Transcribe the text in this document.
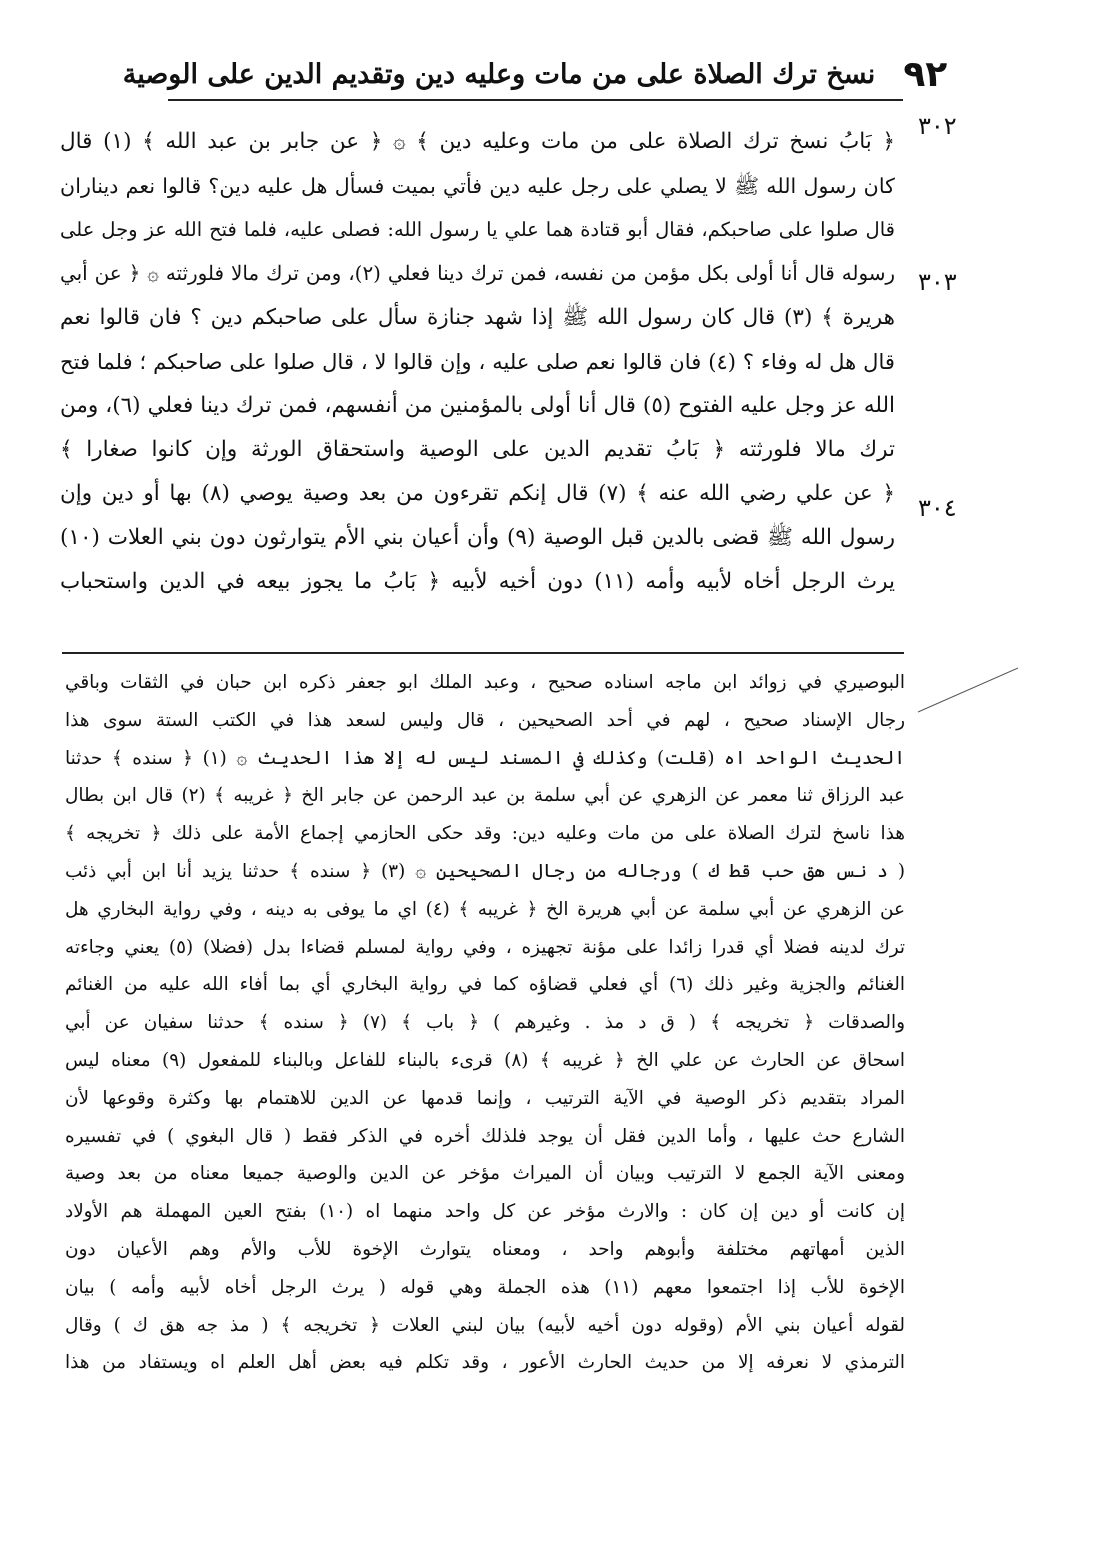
٩٢
نسخ ترك الصلاة على من مات وعليه دين وتقديم الدين على الوصية
٣٠٢
٣٠٣
٣٠٤
﴿ بَابُ نسخ ترك الصلاة على من مات وعليه دين ﴾ ۞ ﴿ عن جابر بن عبد الله ﴾ (١) قال
كان رسول الله ﷺ لا يصلي على رجل عليه دين فأتي بميت فسأل هل عليه دين؟ قالوا نعم ديناران
قال صلوا على صاحبكم، فقال أبو قتادة هما علي يا رسول الله: فصلى عليه، فلما فتح الله عز وجل على
رسوله قال أنا أولى بكل مؤمن من نفسه، فمن ترك دينا فعلي (٢)، ومن ترك مالا فلورثته ۞ ﴿ عن أبي
هريرة ﴾ (٣) قال كان رسول الله ﷺ إذا شهد جنازة سأل على صاحبكم دين ؟ فان قالوا نعم
قال هل له وفاء ؟ (٤) فان قالوا نعم صلى عليه ، وإن قالوا لا ، قال صلوا على صاحبكم ؛ فلما فتح
الله عز وجل عليه الفتوح (٥) قال أنا أولى بالمؤمنين من أنفسهم، فمن ترك دينا فعلي (٦)، ومن
ترك مالا فلورثته ﴿ بَابُ تقديم الدين على الوصية واستحقاق الورثة وإن كانوا صغارا ﴾
﴿ عن علي رضي الله عنه ﴾ (٧) قال إنكم تقرءون من بعد وصية يوصي (٨) بها أو دين وإن
رسول الله ﷺ قضى بالدين قبل الوصية (٩) وأن أعيان بني الأم يتوارثون دون بني العلات (١٠)
يرث الرجل أخاه لأبيه وأمه (١١) دون أخيه لأبيه ﴿ بَابُ ما يجوز بيعه في الدين واستحباب
البوصيري في زوائد ابن ماجه اسناده صحيح ، وعبد الملك ابو جعفر ذكره ابن حبان في الثقات وباقي
رجال الإسناد صحيح ، لهم في أحد الصحيحين ، قال وليس لسعد هذا في الكتب الستة سوى هذا
الحديث الواحد اه (قلت) وكذلك في المسند ليس له إلا هذا الحديث ۞ (١) ﴿ سنده ﴾ حدثنا
عبد الرزاق ثنا معمر عن الزهري عن أبي سلمة بن عبد الرحمن عن جابر الخ ﴿ غريبه ﴾ (٢) قال ابن بطال
هذا ناسخ لترك الصلاة على من مات وعليه دين: وقد حكى الحازمي إجماع الأمة على ذلك ﴿ تخريجه ﴾
( د نس هق حب قط ك ) ورجاله من رجال الصحيحين ۞ (٣) ﴿ سنده ﴾ حدثنا يزيد أنا ابن أبي ذئب
عن الزهري عن أبي سلمة عن أبي هريرة الخ ﴿ غريبه ﴾ (٤) اي ما يوفى به دينه ، وفي رواية البخاري هل
ترك لدينه فضلا أي قدرا زائدا على مؤنة تجهيزه ، وفي رواية لمسلم قضاءا بدل (فضلا) (٥) يعني وجاءته
الغنائم والجزية وغير ذلك (٦) أي فعلي قضاؤه كما في رواية البخاري أي بما أفاء الله عليه من الغنائم
والصدقات ﴿ تخريجه ﴾ ( ق د مذ . وغيرهم ) ﴿ باب ﴾ (٧) ﴿ سنده ﴾ حدثنا سفيان عن أبي
اسحاق عن الحارث عن علي الخ ﴿ غريبه ﴾ (٨) قرىء بالبناء للفاعل وبالبناء للمفعول (٩) معناه ليس
المراد بتقديم ذكر الوصية في الآية الترتيب ، وإنما قدمها عن الدين للاهتمام بها وكثرة وقوعها لأن
الشارع حث عليها ، وأما الدين فقل أن يوجد فلذلك أخره في الذكر فقط ( قال البغوي ) في تفسيره
ومعنى الآية الجمع لا الترتيب وبيان أن الميراث مؤخر عن الدين والوصية جميعا معناه من بعد وصية
إن كانت أو دين إن كان : والارث مؤخر عن كل واحد منهما اه (١٠) بفتح العين المهملة هم الأولاد
الذين أمهاتهم مختلفة وأبوهم واحد ، ومعناه يتوارث الإخوة للأب والأم وهم الأعيان دون
الإخوة للأب إذا اجتمعوا معهم (١١) هذه الجملة وهي قوله ( يرث الرجل أخاه لأبيه وأمه ) بيان
لقوله أعيان بني الأم (وقوله دون أخيه لأبيه) بيان لبني العلات ﴿ تخريجه ﴾ ( مذ جه هق ك ) وقال
الترمذي لا نعرفه إلا من حديث الحارث الأعور ، وقد تكلم فيه بعض أهل العلم اه ويستفاد من هذا
